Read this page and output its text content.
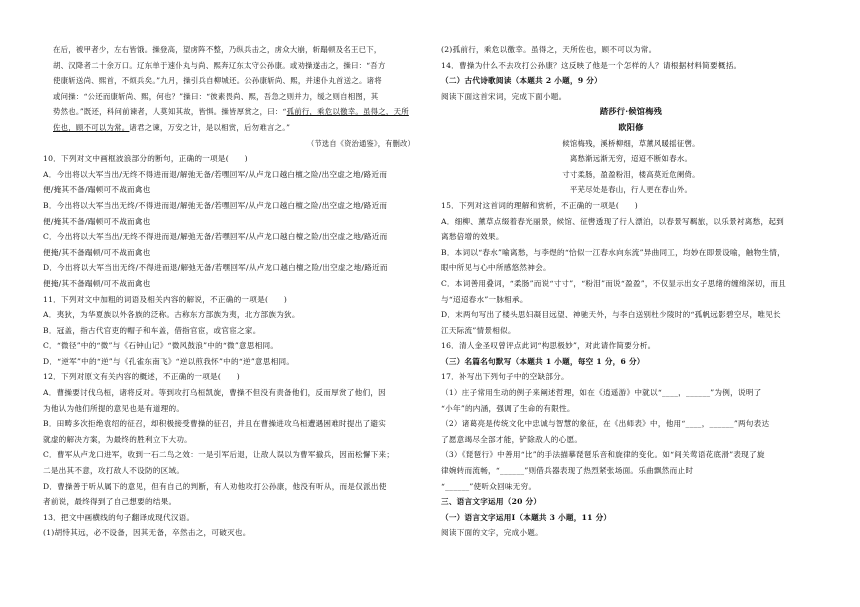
在后，被甲者少，左右皆饿。操登高，望虏阵不整，乃纵兵击之，虏众大崩，斩蹋顿及名王已下，
胡、汉降者二十余万口。辽东单于速仆丸与尚、熙奔辽东太守公孙康。或劝操遂击之，操曰：“吾方
使康斩送尚、熙首，不烦兵矣。”九月，操引兵自柳城还。公孙康斩尚、熙，并速仆丸首送之。诸将
或问操：“公还而康斩尚、熙，何也？”操曰：“彼素畏尚、熙，吾急之则并力，缓之则自相图，其
势然也。”既还，科问前谏者，人莫知其故，皆惧。操皆厚赏之，曰：“孤前行，乘危以徼幸。虽得之，天所
佐也，顾不可以为常。诸君之谏，万安之计，是以相赏，后勿难言之。”
（节选自《资治通鉴》，有删改）
10．下列对文中画框波浪部分的断句，正确的一项是(　　)
A．今出将以大军当出/无终不得进而退/解弛无备/若嘿回军/从卢龙口越白檀之险/出空虚之地/路近而
便/掩其不备/蹋顿可不战而禽也
B．今出将以大军当出无终/不得进而退/解弛无备/若嘿回军/从卢龙口越白檀之险/出空虚之地/路近而
便/掩其不备/蹋顿可不战而禽也
C．今出将以大军当出/无终不得进而退/解弛无备/若嘿回军/从卢龙口越白檀之险/出空虚之地/路近而
便掩/其不备蹋顿/可不战而禽也
D．今出将以大军当出无终/不得进而退/解弛无备/若嘿回军/从卢龙口越白檀之险/出空虚之地/路近而
便掩/其不备蹋顿/可不战而禽也
11．下列对文中加粗的词语及相关内容的解说，不正确的一项是(　　)
A．夷狄，为华夏族以外各族的泛称。古称东方部族为夷，北方部族为狄。
B．冠盖，指古代官吏的帽子和车盖，借指官宦，或官宦之家。
C．“微径”中的“微”与《石钟山记》“微风鼓浪”中的“微”意思相同。
D．“逆军”中的“逆”与《孔雀东南飞》“逆以煎我怀”中的“逆”意思相同。
12．下列对原文有关内容的概述，不正确的一项是(　　)
A．曹操要讨伐乌桓，诸将反对。等到攻打乌桓凯旋，曹操不但没有责备他们，反而厚赏了他们，因
为他认为他们所提的意见也是有道理的。
B．田畴多次拒绝袁绍的征召，却积极接受曹操的征召，并且在曹操进攻乌桓遭遇困难时提出了避实
就虚的解决方案，为最终的胜利立下大功。
C．曹军从卢龙口进军，收到一石二鸟之效：一是引军后退，让敌人误以为曹军撤兵，因而松懈下来；
二是出其不意，攻打敌人不设防的区域。
D．曹操善于听从属下的意见，但有自己的判断，有人劝他攻打公孙康，他没有听从，而是仅派出使
者前说，最终得到了自己想要的结果。
13．把文中画横线的句子翻译成现代汉语。
(1)胡恃其远，必不设备，因其无备，卒然击之，可破灭也。
(2)孤前行，乘危以徼幸。虽得之，天所佐也，顾不可以为常。
14．曹操为什么不去攻打公孙康？这反映了他是一个怎样的人？请根据材料简要概括。
（二）古代诗歌阅读（本题共 2 小题，9 分）
阅读下面这首宋词，完成下面小题。
踏莎行·候馆梅残
欧阳修
候馆梅残，溪桥柳细，草薰风暖摇征辔。
离愁渐远渐无穷，迢迢不断如春水。
寸寸柔肠，盈盈粉泪，楼高莫近危阑倚。
平芜尽处是春山，行人更在春山外。
15．下列对这首词的理解和赏析，不正确的一项是(　　)
A．细柳、薰草点缀着春光丽景，候馆、征辔透现了行人漂泊，以春景写羁旅，以乐景衬离愁，起到
离愁倍增的效果。
B．本词以“春水”喻离愁，与李煜的“恰似一江春水向东流”异曲同工，均妙在即景设喻，触物生情，
眼中所见与心中所感悠然神会。
C．本词善用叠词，“柔肠”而说“寸寸”，“粉泪”而说“盈盈”，不仅显示出女子思绪的缠绵深切，而且
与“迢迢春水”一脉相承。
D．末两句写出了楼头思妇凝目远望、神驰天外，与李白送别杜少陵时的“孤帆远影碧空尽，唯见长
江天际流”情景相似。
16．清人金圣叹曾评点此词“构思极妙”，对此请作简要分析。
（三）名篇名句默写（本题共 1 小题，每空 1 分，6 分）
17．补写出下列句子中的空缺部分。
（1）庄子常用生动的例子来阐述哲理，如在《逍遥游》中就以“____，______”为例，说明了
“小年”的内涵，强调了生命的有限性。
（2）诸葛亮是传统文化中忠诚与智慧的象征，在《出师表》中，他用“____，______”两句表达
了愿意竭尽全部才能，铲除敌人的心愿。
（3）《琵琶行》中善用“比”的手法描摹琵琶乐音和旋律的变化。如“间关莺语花底滑”表现了旋
律婉转而流畅，“______”则借兵器表现了热烈紧张场面。乐曲飘然而止时
“______”使听众回味无穷。
三、语言文字运用（20 分）
（一）语言文字运用Ⅰ（本题共 3 小题，11 分）
阅读下面的文字，完成小题。
